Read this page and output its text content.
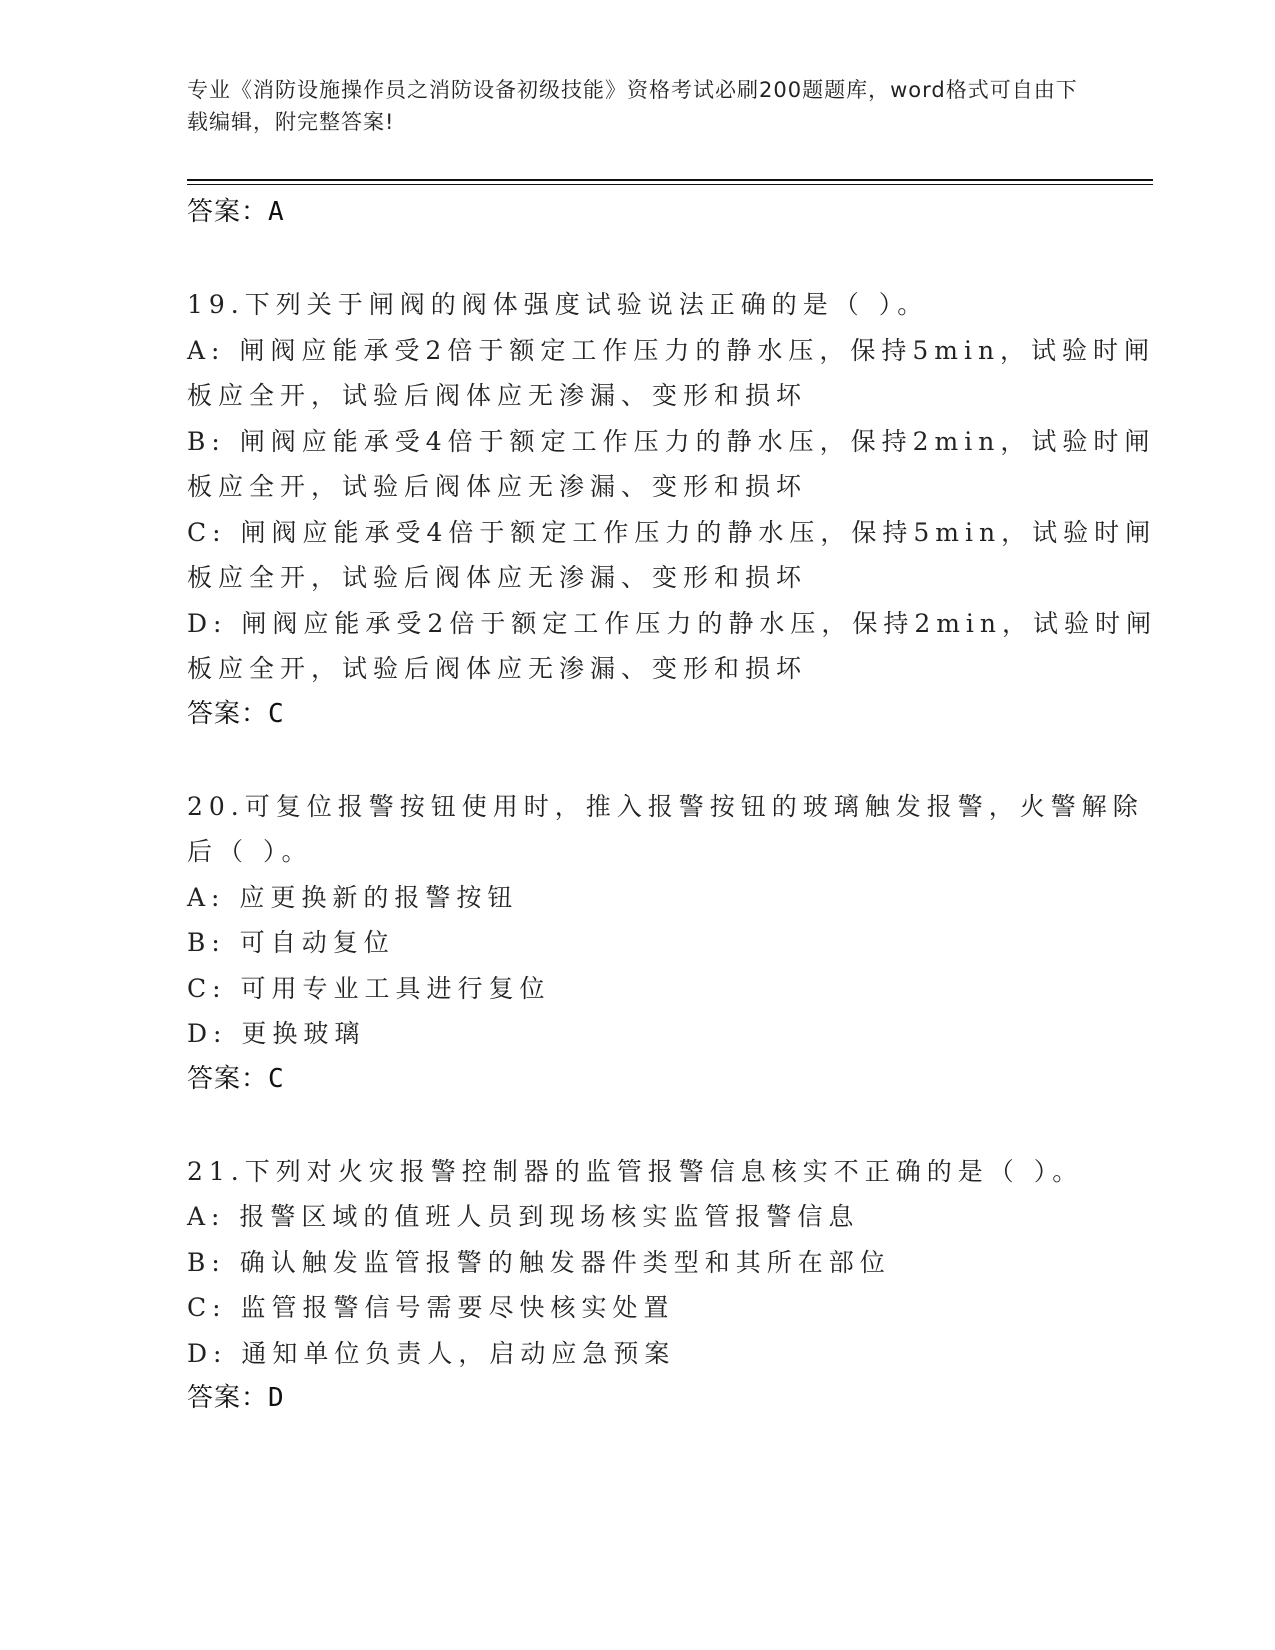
专业《消防设施操作员之消防设备初级技能》资格考试必刷200题题库，word格式可自由下载编辑，附完整答案!
答案：A
19.下列关于闸阀的阀体强度试验说法正确的是（ ）。
A: 闸阀应能承受2倍于额定工作压力的静水压，保持5min，试验时闸
板应全开，试验后阀体应无渗漏、变形和损坏
B: 闸阀应能承受4倍于额定工作压力的静水压，保持2min，试验时闸
板应全开，试验后阀体应无渗漏、变形和损坏
C: 闸阀应能承受4倍于额定工作压力的静水压，保持5min，试验时闸
板应全开，试验后阀体应无渗漏、变形和损坏
D: 闸阀应能承受2倍于额定工作压力的静水压，保持2min，试验时闸
板应全开，试验后阀体应无渗漏、变形和损坏
答案：C
20.可复位报警按钮使用时，推入报警按钮的玻璃触发报警，火警解除
后（ ）。
A: 应更换新的报警按钮
B: 可自动复位
C: 可用专业工具进行复位
D: 更换玻璃
答案：C
21.下列对火灾报警控制器的监管报警信息核实不正确的是（ ）。
A: 报警区域的值班人员到现场核实监管报警信息
B: 确认触发监管报警的触发器件类型和其所在部位
C: 监管报警信号需要尽快核实处置
D: 通知单位负责人，启动应急预案
答案：D
